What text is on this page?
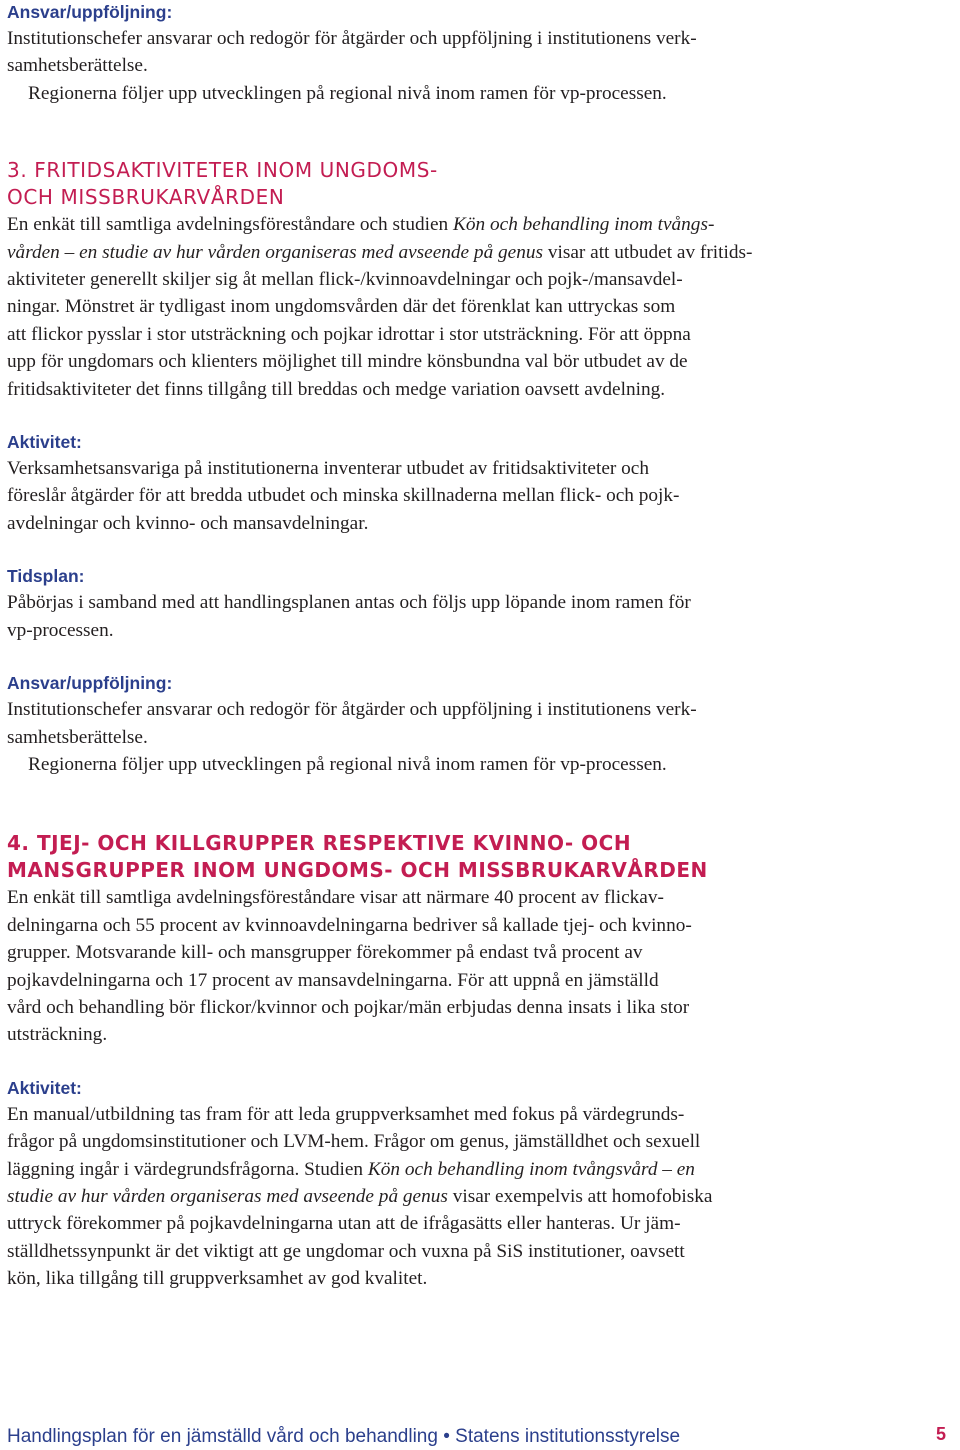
Ansvar/uppföljning:

Institutionschefer ansvarar och redogör för åtgärder och uppföljning i institutionens verk-

samhetsberättelse.

Regionerna följer upp utvecklingen på regional nivå inom ramen för vp-processen.

3. FRITIDSAKTIVITETER INOM UNGDOMS-
OCH MISSBRUKARVÅRDEN

En enkät till samtliga avdelningsföreståndare och studien Kön och behandling inom tvångs-

vården – en studie av hur vården organiseras med avseende på genus visar att utbudet av fritids-

aktiviteter generellt skiljer sig åt mellan flick-/kvinnoavdelningar och pojk-/mansavdel-

ningar. Mönstret är tydligast inom ungdomsvården där det förenklat kan uttryckas som

att flickor pysslar i stor utsträckning och pojkar idrottar i stor utsträckning. För att öppna

upp för ungdomars och klienters möjlighet till mindre könsbundna val bör utbudet av de

fritidsaktiviteter det finns tillgång till breddas och medge variation oavsett avdelning.

Aktivitet:

Verksamhetsansvariga på institutionerna inventerar utbudet av fritidsaktiviteter och

föreslår åtgärder för att bredda utbudet och minska skillnaderna mellan flick- och pojk-

avdelningar och kvinno- och mansavdelningar.

Tidsplan:

Påbörjas i samband med att handlingsplanen antas och följs upp löpande inom ramen för

vp-processen.

Ansvar/uppföljning:

Institutionschefer ansvarar och redogör för åtgärder och uppföljning i institutionens verk-

samhetsberättelse.

Regionerna följer upp utvecklingen på regional nivå inom ramen för vp-processen.

4. TJEJ- OCH KILLGRUPPER RESPEKTIVE KVINNO- OCH
MANSGRUPPER INOM UNGDOMS- OCH MISSBRUKARVÅRDEN

En enkät till samtliga avdelningsföreståndare visar att närmare 40 procent av flickav-

delningarna och 55 procent av kvinnoavdelningarna bedriver så kallade tjej- och kvinno-

grupper. Motsvarande kill- och mansgrupper förekommer på endast två procent av

pojkavdelningarna och 17 procent av mansavdelningarna. För att uppnå en jämställd

vård och behandling bör flickor/kvinnor och pojkar/män erbjudas denna insats i lika stor

utsträckning.

Aktivitet:

En manual/utbildning tas fram för att leda gruppverksamhet med fokus på värdegrunds-

frågor på ungdomsinstitutioner och LVM-hem. Frågor om genus, jämställdhet och sexuell

läggning ingår i värdegrundsfrågorna. Studien Kön och behandling inom tvångsvård – en

studie av hur vården organiseras med avseende på genus visar exempelvis att homofobiska

uttryck förekommer på pojkavdelningarna utan att de ifrågasätts eller hanteras. Ur jäm-

ställdhetssynpunkt är det viktigt att ge ungdomar och vuxna på SiS institutioner, oavsett

kön, lika tillgång till gruppverksamhet av god kvalitet.

Handlingsplan för en jämställd vård och behandling • Statens institutionsstyrelse	5
